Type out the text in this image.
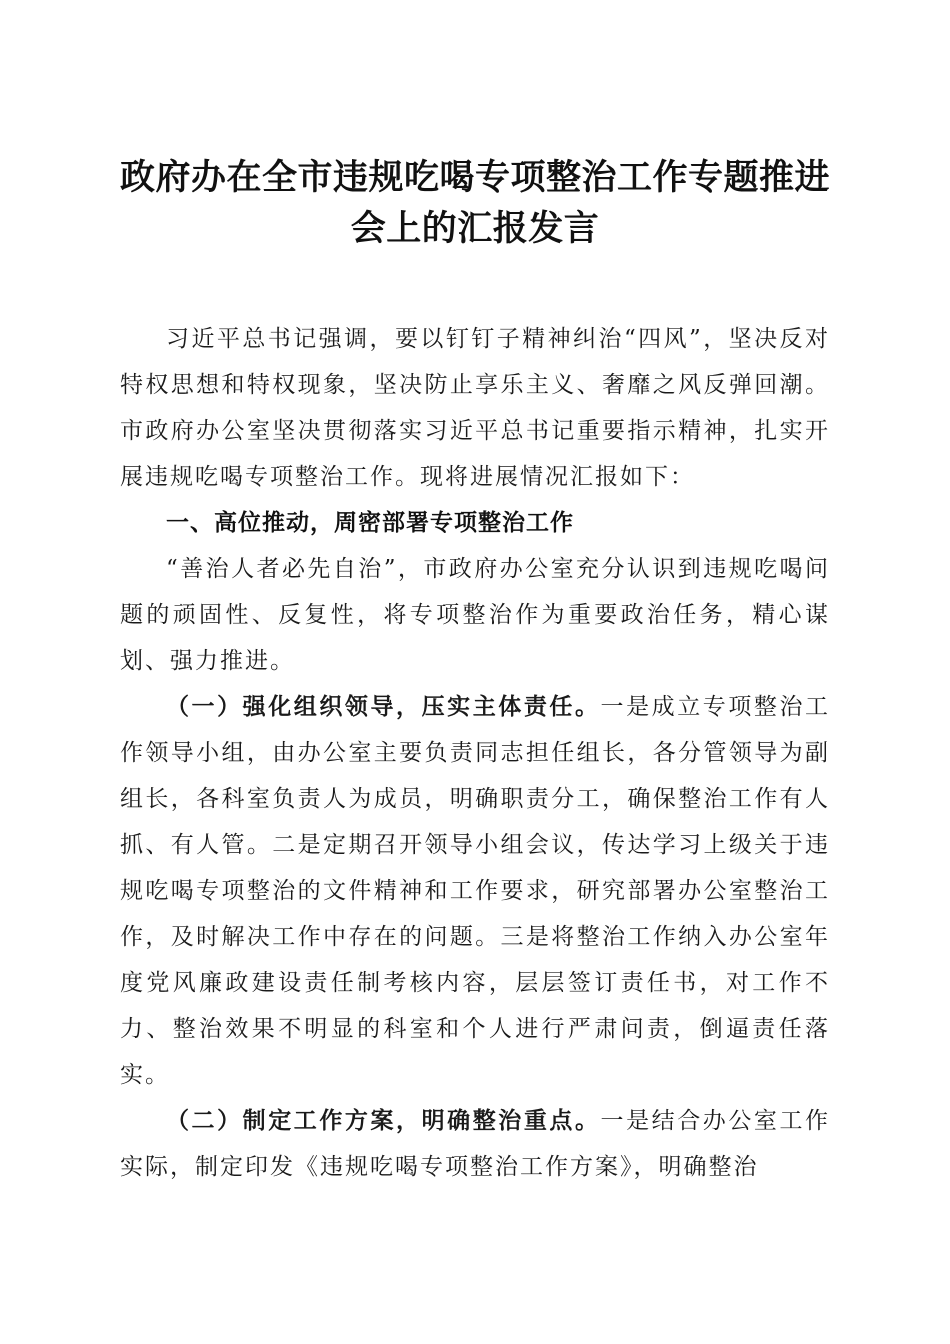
政府办在全市违规吃喝专项整治工作专题推进
会上的汇报发言

习近平总书记强调，要以钉钉子精神纠治“四风”，坚决反对特权思想和特权现象，坚决防止享乐主义、奢靡之风反弹回潮。市政府办公室坚决贯彻落实习近平总书记重要指示精神，扎实开展违规吃喝专项整治工作。现将进展情况汇报如下：

一、高位推动，周密部署专项整治工作

“善治人者必先自治”，市政府办公室充分认识到违规吃喝问题的顽固性、反复性，将专项整治作为重要政治任务，精心谋划、强力推进。

（一）强化组织领导，压实主体责任。一是成立专项整治工作领导小组，由办公室主要负责同志担任组长，各分管领导为副组长，各科室负责人为成员，明确职责分工，确保整治工作有人抓、有人管。二是定期召开领导小组会议，传达学习上级关于违规吃喝专项整治的文件精神和工作要求，研究部署办公室整治工作，及时解决工作中存在的问题。三是将整治工作纳入办公室年度党风廉政建设责任制考核内容，层层签订责任书，对工作不力、整治效果不明显的科室和个人进行严肃问责，倒逼责任落实。

（二）制定工作方案，明确整治重点。一是结合办公室工作实际，制定印发《违规吃喝专项整治工作方案》，明确整治
